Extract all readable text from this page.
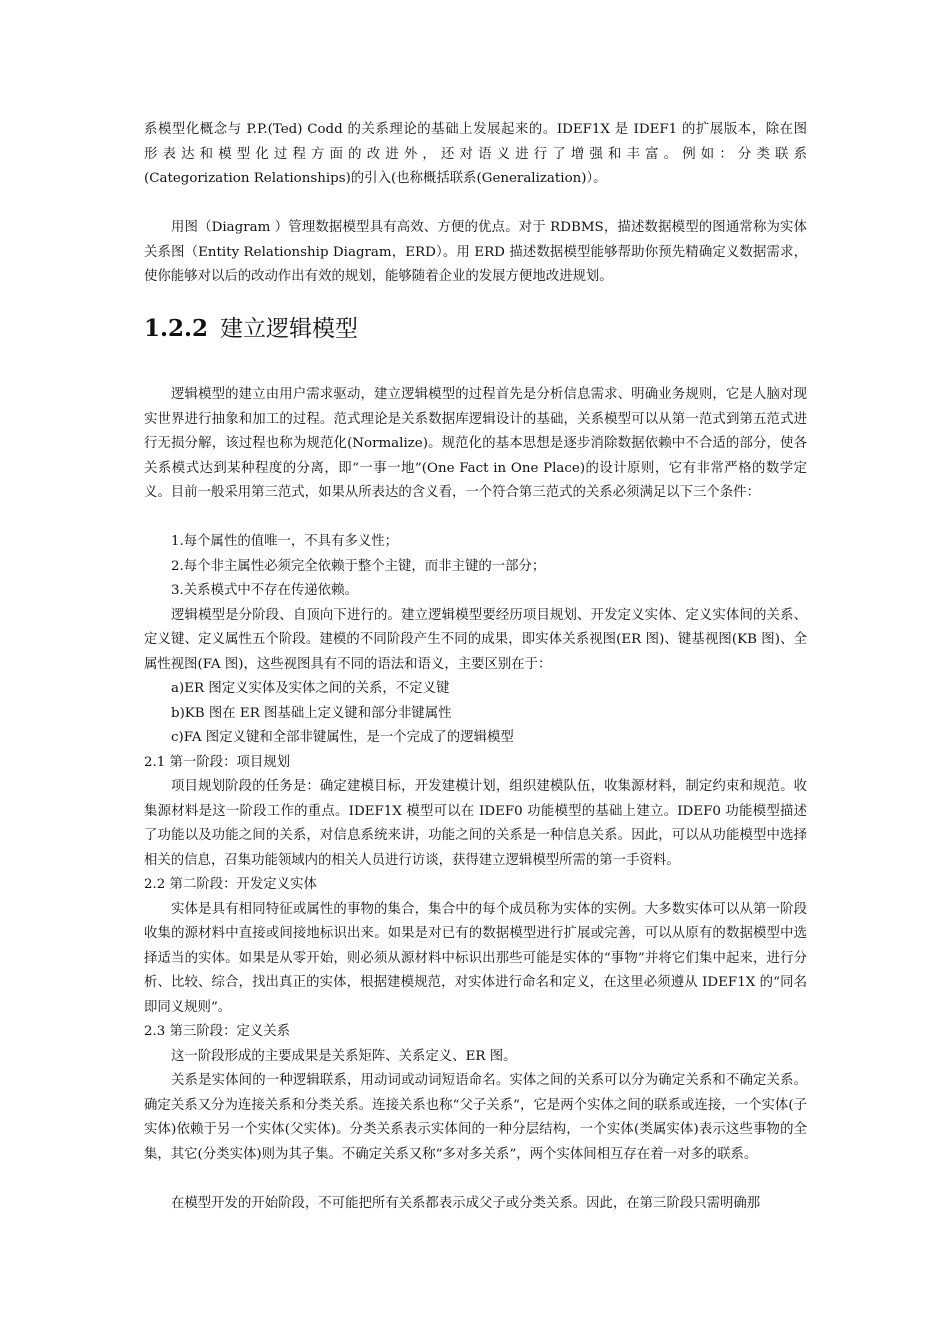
系模型化概念与 P.P.(Ted) Codd 的关系理论的基础上发展起来的。IDEF1X 是 IDEF1 的扩展版本，除在图

形表达和模型化过程方面的改进外，还对语义进行了增强和丰富。例如：分类联系

(Categorization Relationships)的引入(也称概括联系(Generalization)）。

用图（Diagram ）管理数据模型具有高效、方便的优点。对于 RDBMS，描述数据模型的图通常称为实体关系图（Entity Relationship Diagram，ERD）。用 ERD 描述数据模型能够帮助你预先精确定义数据需求，使你能够对以后的改动作出有效的规划，能够随着企业的发展方便地改进规划。

1.2.2 建立逻辑模型

逻辑模型的建立由用户需求驱动，建立逻辑模型的过程首先是分析信息需求、明确业务规则，它是人脑对现实世界进行抽象和加工的过程。范式理论是关系数据库逻辑设计的基础，关系模型可以从第一范式到第五范式进行无损分解，该过程也称为规范化(Normalize)。规范化的基本思想是逐步消除数据依赖中不合适的部分，使各关系模式达到某种程度的分离，即“一事一地”(One Fact in One Place)的设计原则，它有非常严格的数学定义。目前一般采用第三范式，如果从所表达的含义看，一个符合第三范式的关系必须满足以下三个条件：

1.每个属性的值唯一，不具有多义性；

2.每个非主属性必须完全依赖于整个主键，而非主键的一部分；

3.关系模式中不存在传递依赖。

逻辑模型是分阶段、自顶向下进行的。建立逻辑模型要经历项目规划、开发定义实体、定义实体间的关系、定义键、定义属性五个阶段。建模的不同阶段产生不同的成果，即实体关系视图(ER 图)、键基视图(KB 图)、全属性视图(FA 图)，这些视图具有不同的语法和语义，主要区别在于：

a)ER 图定义实体及实体之间的关系，不定义键

b)KB 图在 ER 图基础上定义键和部分非键属性

c)FA 图定义键和全部非键属性，是一个完成了的逻辑模型

2.1 第一阶段：项目规划

项目规划阶段的任务是：确定建模目标，开发建模计划，组织建模队伍，收集源材料，制定约束和规范。收集源材料是这一阶段工作的重点。IDEF1X 模型可以在 IDEF0 功能模型的基础上建立。IDEF0 功能模型描述了功能以及功能之间的关系，对信息系统来讲，功能之间的关系是一种信息关系。因此，可以从功能模型中选择相关的信息，召集功能领域内的相关人员进行访谈，获得建立逻辑模型所需的第一手资料。

2.2 第二阶段：开发定义实体

实体是具有相同特征或属性的事物的集合，集合中的每个成员称为实体的实例。大多数实体可以从第一阶段收集的源材料中直接或间接地标识出来。如果是对已有的数据模型进行扩展或完善，可以从原有的数据模型中选择适当的实体。如果是从零开始，则必须从源材料中标识出那些可能是实体的“事物”并将它们集中起来，进行分析、比较、综合，找出真正的实体，根据建模规范，对实体进行命名和定义，在这里必须遵从 IDEF1X 的“同名即同义规则”。

2.3 第三阶段：定义关系

这一阶段形成的主要成果是关系矩阵、关系定义、ER 图。

关系是实体间的一种逻辑联系，用动词或动词短语命名。实体之间的关系可以分为确定关系和不确定关系。确定关系又分为连接关系和分类关系。连接关系也称“父子关系”，它是两个实体之间的联系或连接，一个实体(子实体)依赖于另一个实体(父实体)。分类关系表示实体间的一种分层结构，一个实体(类属实体)表示这些事物的全集，其它(分类实体)则为其子集。不确定关系又称“多对多关系”，两个实体间相互存在着一对多的联系。

在模型开发的开始阶段，不可能把所有关系都表示成父子或分类关系。因此，在第三阶段只需明确那
